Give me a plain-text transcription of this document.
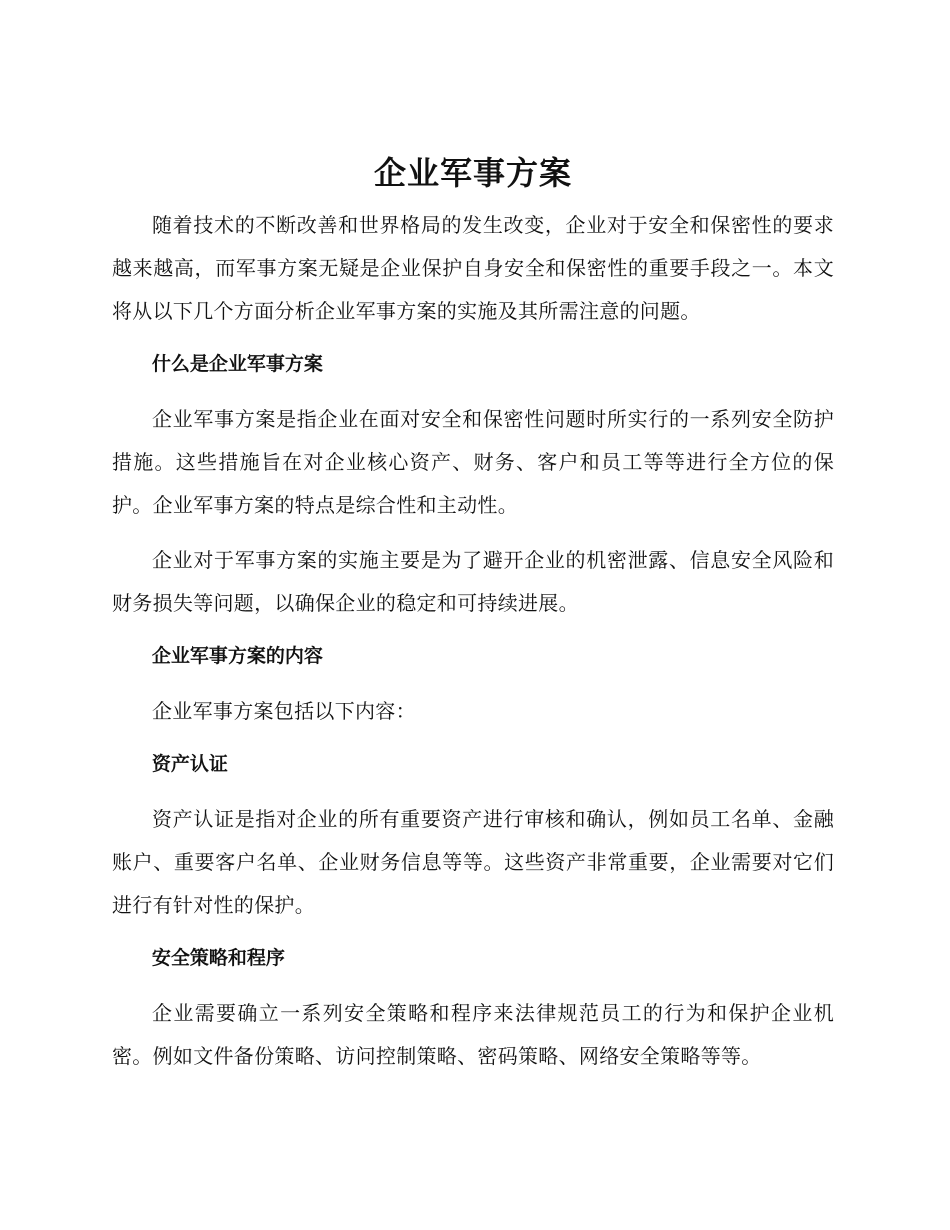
企业军事方案

随着技术的不断改善和世界格局的发生改变，企业对于安全和保密性的要求越来越高，而军事方案无疑是企业保护自身安全和保密性的重要手段之一。本文将从以下几个方面分析企业军事方案的实施及其所需注意的问题。

什么是企业军事方案

企业军事方案是指企业在面对安全和保密性问题时所实行的一系列安全防护措施。这些措施旨在对企业核心资产、财务、客户和员工等等进行全方位的保护。企业军事方案的特点是综合性和主动性。

企业对于军事方案的实施主要是为了避开企业的机密泄露、信息安全风险和财务损失等问题，以确保企业的稳定和可持续进展。

企业军事方案的内容

企业军事方案包括以下内容：

资产认证

资产认证是指对企业的所有重要资产进行审核和确认，例如员工名单、金融账户、重要客户名单、企业财务信息等等。这些资产非常重要，企业需要对它们进行有针对性的保护。

安全策略和程序

企业需要确立一系列安全策略和程序来法律规范员工的行为和保护企业机密。例如文件备份策略、访问控制策略、密码策略、网络安全策略等等。
